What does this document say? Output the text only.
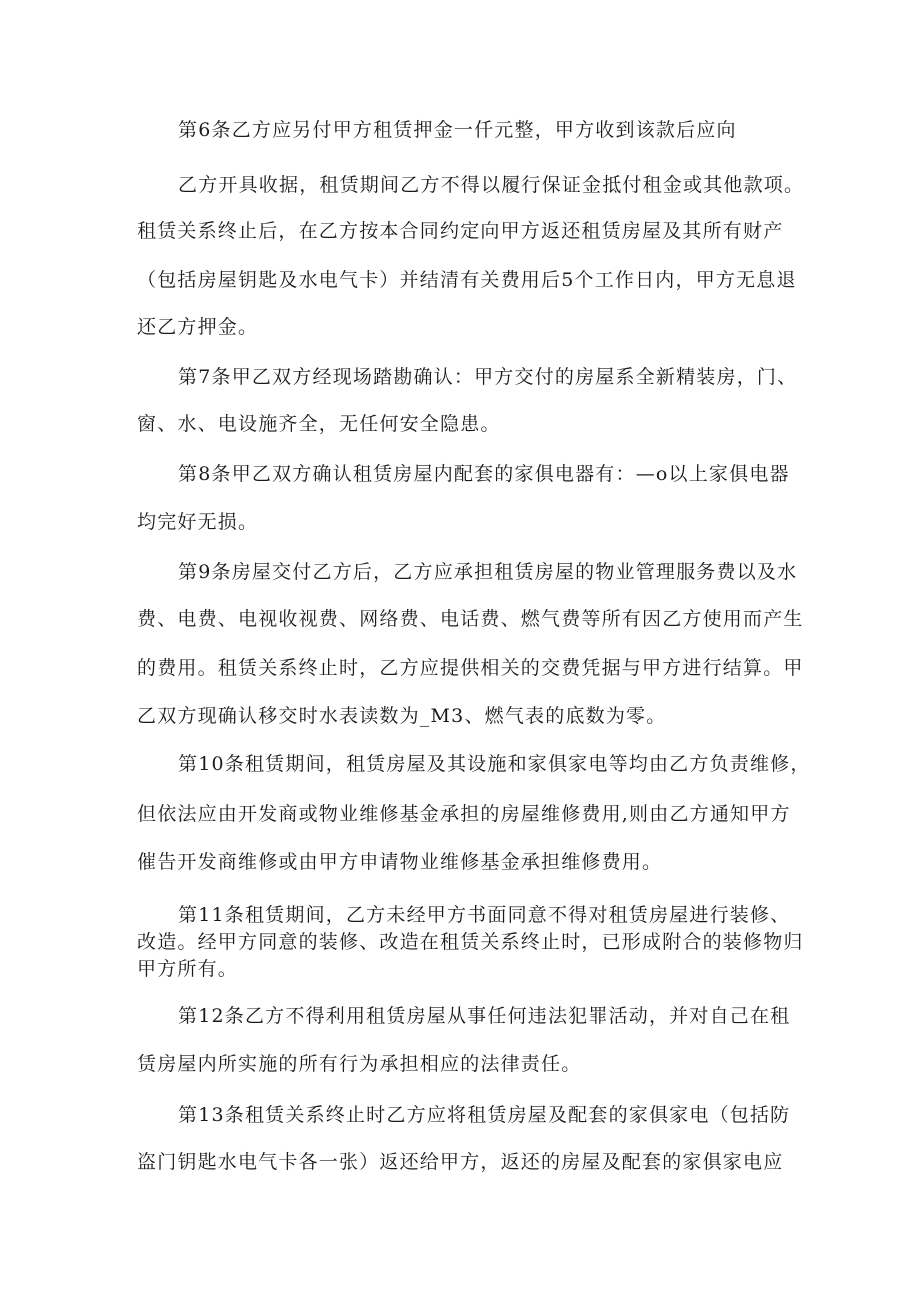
第6条乙方应另付甲方租赁押金一仟元整，甲方收到该款后应向
乙方开具收据，租赁期间乙方不得以履行保证金抵付租金或其他款项。
租赁关系终止后，在乙方按本合同约定向甲方返还租赁房屋及其所有财产
（包括房屋钥匙及水电气卡）并结清有关费用后5个工作日内，甲方无息退
还乙方押金。
第7条甲乙双方经现场踏勘确认：甲方交付的房屋系全新精装房，门、
窗、水、电设施齐全，无任何安全隐患。
第8条甲乙双方确认租赁房屋内配套的家俱电器有：—o以上家俱电器
均完好无损。
第9条房屋交付乙方后，乙方应承担租赁房屋的物业管理服务费以及水
费、电费、电视收视费、网络费、电话费、燃气费等所有因乙方使用而产生
的费用。租赁关系终止时，乙方应提供相关的交费凭据与甲方进行结算。甲
乙双方现确认移交时水表读数为_M3、燃气表的底数为零。
第10条租赁期间，租赁房屋及其设施和家俱家电等均由乙方负责维修，
但依法应由开发商或物业维修基金承担的房屋维修费用,则由乙方通知甲方
催告开发商维修或由甲方申请物业维修基金承担维修费用。
第11条租赁期间，乙方未经甲方书面同意不得对租赁房屋进行装修、
改造。经甲方同意的装修、改造在租赁关系终止时，已形成附合的装修物归
甲方所有。
第12条乙方不得利用租赁房屋从事任何违法犯罪活动，并对自己在租
赁房屋内所实施的所有行为承担相应的法律责任。
第13条租赁关系终止时乙方应将租赁房屋及配套的家俱家电（包括防
盗门钥匙水电气卡各一张）返还给甲方，返还的房屋及配套的家俱家电应
